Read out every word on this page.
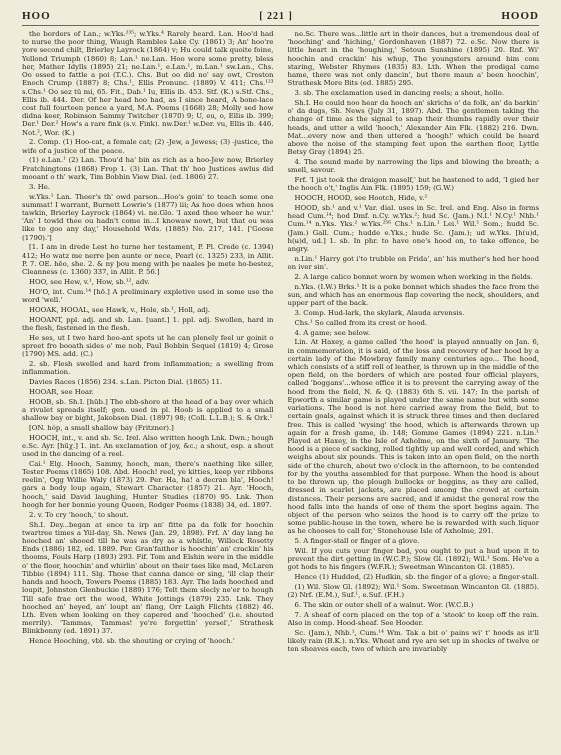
HOO	[ 221 ]	HOOD

the borders of Lan.; w.Yks.²³⁵; w.Yks.⁴ Rarely heard. Lan. Hoo'd had to nurse the poor thing, Waugh Rambles Lake Cy. (1861) 3; An' hoo're yore second chilt, Brierley Layrock (1864) v; Hu could talk quoite foine, Yellond Triumph (1860) 8; Lan.¹ ne.Lan. Hoo were some pretty, bless her, Mather Idylls (1895) 21; ne.Lan.¹, e.Lan.¹, m.Lan.¹ sw.Lan., Chs. Oo ossed to fattle a poi (T.C.). Chs. But oo did no' say owt, Croston Enoch Crump (1887) 8; Chs.¹, Ellis Pronunc. (1889) V. 411; Chs.¹²³ s.Chs.¹ Oo sez tü mi, 65. Fit., Dab.¹ Iu, Ellis ib. 453. Stf. (K.) s.Stf. Chs., Ellis ib. 444. Der. Of her head hoo had, as I since heard, A bone-lace cost full fourteen pence a yard, M.A. Poems (1668) 28; Molly sed how didna keer, Robinson Sammy Twitcher (1870) 9; U, eu, o, Ellis ib. 399; Der.¹ Der.² How's a rare fink (s.v. Fink). nw.Der.¹ w.Der. vu, Ellis ib. 446. Not.², Wor. (K.)

2. Comp. (1) Hoo-cat, a female cat; (2) -Jew, a Jewess; (3) -justice, the wife of a justice of the peace.

(1) e.Lan.¹ (2) Lan. Thou'd ha' bin as rich as a hoo-Jew now, Brierley Fratchingtons (1868) Frop 1. (3) Lan. That th' hoo Justices awlus did mooant o th' wark, Tim Bobbin View Dial. (ed. 1806) 27.

3. He.

w.Yks.¹ Lan. Theer's th' owd parson...Hoo's goin' to teach some one summat! I warrant, Burnett Lowrie's (1877) iii; As hoo does when hoos tawkin, Brierley Layrock (1864) vi. ne.Glo. 'I axed thee wheer he wur.' 'An' I towld thee ou hadn't come in...I knowaw nowt, but that ou was like to goo any day,' Household Wds. (1885) No. 217, 141. ['Goose (1790).']

[1. I am in drede Lest ho turne her testament, P. Pl. Crede (c. 1394) 412; Ho watz me nerre þen aunte or nece, Pearl (c. 1325) 233, in Allit. P. 7. OE. hēo, she. 2. & ny þou meng with þe naales þe mete ho-bestez, Cleanness (c. 1360) 337, in Allit. P. 56.]

HOO, see Hew, v.¹, How, sb.¹², adv.

HO'O, int. Cum.¹⁴ [hō.] A preliminary expletive used in some use the word 'well.'

HOOAK, HOOAL, see Hawk, v., Hole, sb.¹, Holl, adj.

HOOANT, ppl. adj. and sb. Lan. [uant.] 1. ppl. adj. Swollen, hard in the flesh, fastened in the flesh.

He ses, ut I two hard hoo-ant spots ut he can plenely feel ur goinit o spreet fro booath sides o' me nob, Paul Bobbin Sequel (1819) 4; Grose (1790) MS. add. (C.)

2. sb. Flesh swelled and hard from inflammation; a swelling from inflammation.

Davies Races (1856) 234. s.Lan. Picton Dial. (1865) 11.

HOOAR, see Hoar.

HOOB, sb. Sh.I. [hūb.] The ebb-shore at the head of a bay over which a rivulet spreads itself; gen. used in pl. Hoob is applied to a small shallow bay or bight, Jakobsen Dial. (1897) 98; (Coll. L.L.B.); S. & Ork.¹

[ON. hóp, a small shallow bay (Fritzner).]

HOOCH, int., v. and sb. Sc. Irel. Also written hoogh Lnk. Dwn.; hough e.Sc. Ayr. [hūχ.] 1. int. An exclamation of joy, &c.; a shout, esp. a shout used in the dancing of a reel.

Cai.¹ Elg. Hooch, Sammy, hooch, man, there's naething like siller, Tester Poems (1865) 108. Abd. Hooch! reel, ye kitties, keep yer ribbons reelin', Ogg Willie Waly (1873) 29. Per. Ha, ha! a decran bla', Hooch! gars a body loup again, Stewart Character (1857) 21. Ayr. 'Hooch, hooch,' said David laughing, Hunter Studies (1870) 95. Lnk. Then hoogh for her bonnie young Queen, Rodger Poems (1838) 34, ed. 1897.

2. v. To cry 'hooch,' to shout.

Sh.I. Dey...began at ence ta irp an' fitte pa da folk for hoochin twartree times a Yül-day, Sh. News (Jan. 29, 1898). Frf. A' day lang he hooched an' shooed till he was as dry as a whistle, Willock Rosetty Ends (1886) 182, ed. 1889. Per. Gran'faither is hoochin' an' crackin' his thooms, Fouls Harp (1893) 293. Fif. Tom and Elshin were in the middle o' the floor, hoochin' and whirlin' about on their taes like mad, McLaren Tibbie (1894) 111. Slg. Those that canna dance or sing, 'ill clap their hands and hooch, Towers Poems (1885) 183. Ayr. The lads hooched and loupit, Johnston Glenbuckie (1889) 176; Telt them slecly ne'er to hough Till safe frae ort the wood, White Jottings (1879) 235. Lnk. They hooched an' heyed, an' loupt an' flang, Orr Laigh Flichts (1882) 46. Lth. Even when looking on they capered and 'hooched' (i.e. shouted merrily). 'Tammas, Tammas! ye're forgettin' yersel',' Strathesk Blinkbonny (ed. 1891) 37.

Hence Hooching, vbl. sb. the shouting or crying of 'hooch.'

ne.Sc. There was...little art in their dances, but a tremendous deal of 'hooching' and 'hiching,' Gordonhaven (1887) 72. e.Sc. Now there is little heart in the 'houghing,' Setoun Sunshine (1895) 20. Rnf. Wi' hoochin and crackin' his whup, The youngsters around him com staring, Webster Rhymes (1835) 83. Lth. When the prodigal came hame, there was not only dancin', but there maun a' been hoochin', Strathesk More Bits (ed. 1885) 295.

3. sb. The exclamation used in dancing reels; a shout, hollo.

Sh.I. He could noo hear da hooch an' skrichs o' da folk, an' da barkin' o' da dugs, Sh. News (July 31, 1897). Abd. The gentlemen taking the change of time as the signal to snap their thumbs rapidly over their heads, and utter a wild 'hooch,' Alexander Ain Flk. (1882) 216. Dwn. Mat...every now and then uttered a 'hoogh!' which could be heard above the noise of the stamping feet upon the earthen floor, Lyttle Betsy Gray (1894) 25.

4. The sound made by narrowing the lips and blowing the breath; a smell, savour.

Frf. 'I jist took the draigon maself,' but he hastened to add, 'I gied her the hooch o't,' Inglis Ain Flk. (1895) 159; (G.W.)

HOOCH, HOOD, see Hootch, Hide, v.²

HOOD, sb.¹ and v.¹ Var. dial. uses in Sc. Irel. and Eng. Also in forms head Cum.¹⁴; hod Dmf. n.Cy. w.Yks.²; hud Sc. (Jam.) N.I.¹ N.Cy.¹ Nhb.¹ Cum.¹⁴ n.Yks. Yks.² w.Yks.²⁵⁶ Chs.¹ n.Lin.¹ Lei.¹ Wil.¹ Som.; hudd Sc. (Jam.) Gall. Cum.; hudde e.Yks.; hude Sc. (Jam.); ud w.Yks. [h(u)d, h(ʉ)d, ud.] 1. sb. In phr. to have one's hood on, to take offence, be angry.

n.Lin.¹ Harry got i'to trubble on Frida', an' his muther's hed her hood on iver sin'.

2. A large calico bonnet worn by women when working in the fields.

n.Yks. (I.W.) Brks.¹ It is a poke bonnet which shades the face from the sun, and which has an enormous flap covering the neck, shoulders, and upper part of the back.

3. Comp. Hud-lark, the skylark, Alauda arvensis.

Chs.¹ So called from its crest or hood.

4. A game; see below.

Lin. At Haxey, a game called 'the hood' is played annually on Jan. 6, in commemoration, it is said, of the loss and recovery of her hood by a certain lady of the Mowbray family many centuries ago... The hood, which consists of a stiff roll of leather, is thrown up in the middle of the open field, on the borders of which are posted four official players, called 'boggans'...whose office it is to prevent the carrying away of the hood from the field, N. & Q. (1883) 6th S. vii. 147; In the parish of Epworth a similar game is played under the same name but with some variations. The hood is not here carried away from the field, but to certain goals, against which it is struck three times and then declared free. This is called 'wysing' the hood, which is afterwards thrown up again for a fresh game, ib. 148; Gomme Games (1894) 221. n.Lin.¹ Played at Haxey, in the Isle of Axholme, on the sixth of January. 'The hood is a piece of sacking, rolled tightly up and well corded, and which weighs about six pounds. This is taken into an open field, on the north side of the church, about two o'clock in the afternoon, to be contended for by the youths assembled for that purpose. When the hood is about to be thrown up, the plough bullocks or boggins, as they are called, dressed in scarlet jackets, are placed among the crowd at certain distances. Their persons are sacred, and if amidst the general row the hood falls into the hands of one of them the sport begins again. The object of the person who seizes the hood is to carry off the prize to some public-house in the town, where he is rewarded with such liquor as he chooses to call for,' Stonehouse Isle of Axholme, 291.

5. A finger-stall or finger of a glove.

Wil. If you cuts your finger bad, you ought to put a hud upon it to prevent the dirt getting in (W.C.P.); Slow Gl. (1892); Wil.¹ Som. He've a got hods to his fingers (W.F.R.); Sweetman Wincanton Gl. (1885).

Hence (1) Hudded, (2) Hudkin, sb. the finger of a glove; a finger-stall.

(1) Wil. Slow Gl. (1892); Wil.¹ Som. Sweetman Wincanton Gl. (1885). (2) Nrf. (E.M.), Suf.¹, e.Suf. (F.H.)

6. The skin or outer shell of a walnut. Wor. (W.C.B.)

7. A sheaf of corn placed on the top of a 'stook' to keep off the rain. Also in comp. Hood-sheaf. See Hooder.

Sc. (Jam.), Nhb.¹, Cum.¹⁴ Wm. Tak a bit o' pains wi' t' hoods as it'll likely rain (B.K.). n.Yks. Wheat and rye are set up in shocks of twelve or ten sheaves each, two of which are invariably
